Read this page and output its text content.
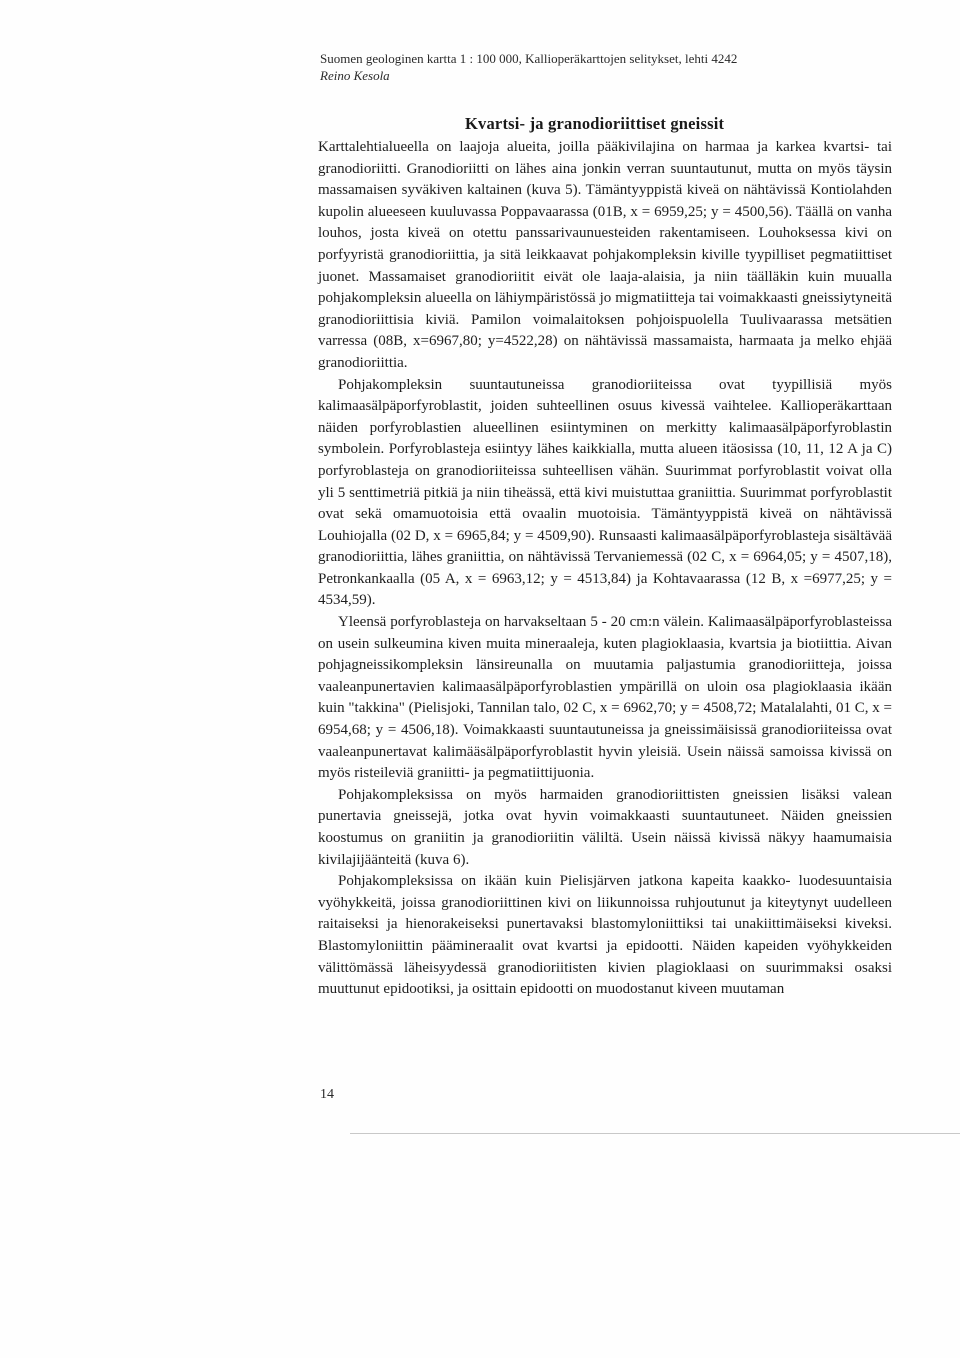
Suomen geologinen kartta 1 : 100 000, Kallioperäkarttojen selitykset, lehti 4242
Reino Kesola
Kvartsi- ja granodioriittiset gneissit

Karttalehtialueella on laajoja alueita, joilla pääkivilajina on harmaa ja karkea kvartsi- tai granodioriitti. Granodioriitti on lähes aina jonkin verran suuntautunut, mutta on myös täysin massamaisen syväkiven kaltainen (kuva 5). Tämäntyyppistä kiveä on nähtävissä Kontiolahden kupolin alueeseen kuuluvassa Poppavaarassa (01B, x = 6959,25; y = 4500,56). Täällä on vanha louhos, josta kiveä on otettu panssarivaunuesteiden rakentamiseen. Louhoksessa kivi on porfyyristä granodioriittia, ja sitä leikkaavat pohjakompleksin kiville tyypilliset pegmatiittiset juonet. Massamaiset granodioriitit eivät ole laaja-alaisia, ja niin täälläkin kuin muualla pohjakompleksin alueella on lähiympäristössä jo migmatiitteja tai voimakkaasti gneissiytyneitä granodioriittisia kiviä. Pamilon voimalaitoksen pohjoispuolella Tuulivaarassa metsätien varressa (08B, x=6967,80; y=4522,28) on nähtävissä massamaista, harmaata ja melko ehjää granodioriittia.

Pohjakompleksin suuntautuneissa granodioriiteissa ovat tyypillisiä myös kalimaasälpäporfyroblastit, joiden suhteellinen osuus kivessä vaihtelee. Kallioperäkarttaan näiden porfyroblastien alueellinen esiintyminen on merkitty kalimaasälpäporfyroblastin symbolein. Porfyroblasteja esiintyy lähes kaikkialla, mutta alueen itäosissa (10, 11, 12 A ja C) porfyroblasteja on granodioriiteissa suhteellisen vähän. Suurimmat porfyroblastit voivat olla yli 5 senttimetriä pitkiä ja niin tiheässä, että kivi muistuttaa graniittia. Suurimmat porfyroblastit ovat sekä omamuotoisia että ovaalin muotoisia. Tämäntyyppistä kiveä on nähtävissä Louhiojalla (02 D, x = 6965,84; y = 4509,90). Runsaasti kalimaasälpäporfyroblasteja sisältävää granodioriittia, lähes graniittia, on nähtävissä Tervaniemessä (02 C, x = 6964,05; y = 4507,18), Petronkankaalla (05 A, x = 6963,12; y = 4513,84) ja Kohtavaarassa (12 B, x =6977,25; y = 4534,59).

Yleensä porfyroblasteja on harvakseltaan 5 - 20 cm:n välein. Kalimaasälpäporfyroblasteissa on usein sulkeumina kiven muita mineraaleja, kuten plagioklaasia, kvartsia ja biotiittia. Aivan pohjagneissikompleksin länsireunalla on muutamia paljastumia granodioriitteja, joissa vaaleanpunertavien kalimaasälpäporfyroblastien ympärillä on uloin osa plagioklaasia ikään kuin "takkina" (Pielisjoki, Tannilan talo, 02 C, x = 6962,70; y = 4508,72; Matalalahti, 01 C, x = 6954,68; y = 4506,18). Voimakkaasti suuntautuneissa ja gneissimäisissä granodioriiteissa ovat vaaleanpunertavat kalimääsälpäporfyroblastit hyvin yleisiä. Usein näissä samoissa kivissä on myös risteileviä graniitti- ja pegmatiittijuonia.

Pohjakompleksissa on myös harmaiden granodioriittisten gneissien lisäksi valean punertavia gneissejä, jotka ovat hyvin voimakkaasti suuntautuneet. Näiden gneissien koostumus on graniitin ja granodioriitin väliltä. Usein näissä kivissä näkyy haamumaisia kivilajijäänteitä (kuva 6).

Pohjakompleksissa on ikään kuin Pielisjärven jatkona kapeita kaakko- luodesuuntaisia vyöhykkeitä, joissa granodioriittinen kivi on liikunnoissa ruhjoutunut ja kiteytynyt uudelleen raitaiseksi ja hienorakeiseksi punertavaksi blastomyloniittiksi tai unakiittimäiseksi kiveksi. Blastomyloniittin päämineraalit ovat kvartsi ja epidootti. Näiden kapeiden vyöhykkeiden välittömässä läheisyydessä granodioriitisten kivien plagioklaasi on suurimmaksi osaksi muuttunut epidootiksi, ja osittain epidootti on muodostanut kiveen muutaman

14
